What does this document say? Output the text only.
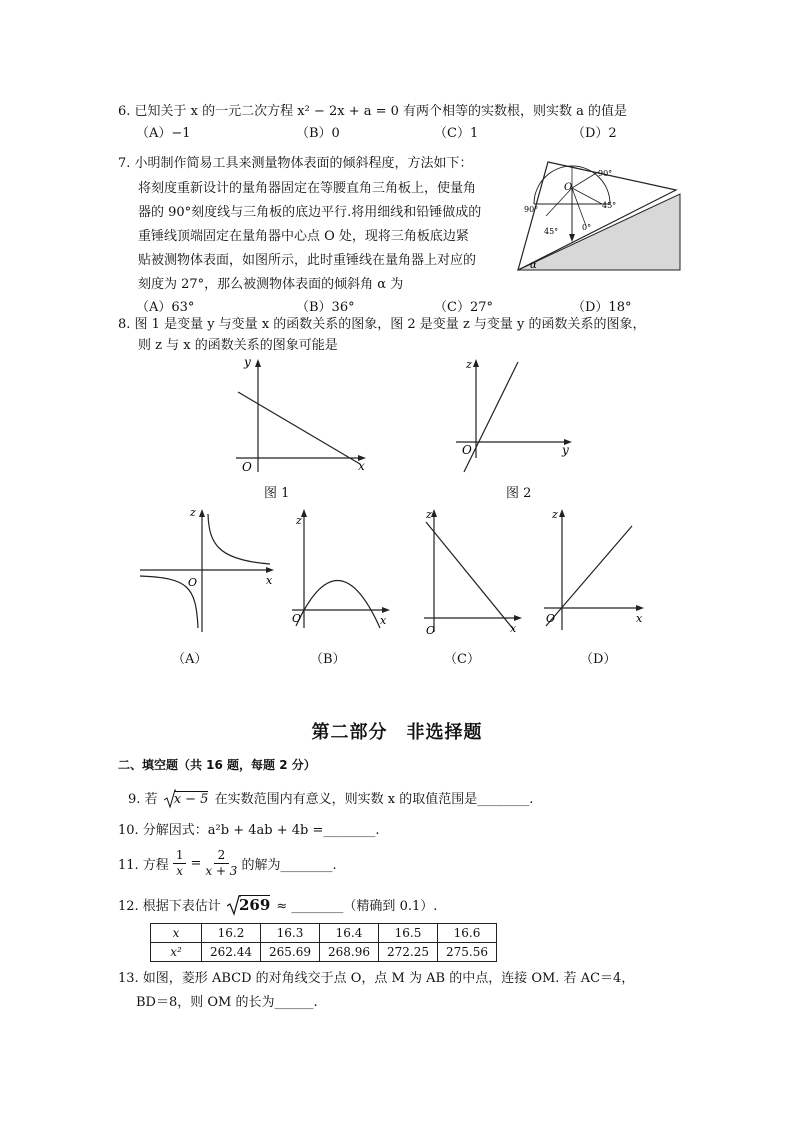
6. 已知关于 x 的一元二次方程 x² − 2x + a = 0 有两个相等的实数根，则实数 a 的值是
（A）−1	（B）0	（C）1	（D）2
7. 小明制作简易工具来测量物体表面的倾斜程度，方法如下：
将刻度重新设计的量角器固定在等腰直角三角板上，使量角
器的 90°刻度线与三角板的底边平行.将用细线和铅锤做成的
重锤线顶端固定在量角器中心点 O 处，现将三角板底边紧
贴被测物体表面，如图所示，此时重锤线在量角器上对应的
刻度为 27°，那么被测物体表面的倾斜角 α 为
（A）63°	（B）36°	（C）27°	（D）18°
O
90°
90°	45°
45°	0°
α
8. 图 1 是变量 y 与变量 x 的函数关系的图象，图 2 是变量 z 与变量 y 的函数关系的图象，
则 z 与 x 的函数关系的图象可能是
y
x
O
图 1
z
y
O
图 2
z
x
O
（A）
z
x
O
（B）
z
x
O
（C）
z
x
O
（D）
第二部分　非选择题
二、填空题（共 16 题，每题 2 分）
9. 若 x − 5 在实数范围内有意义，则实数 x 的取值范围是________.
10. 分解因式：a²b + 4ab + 4b =________.
11. 方程 $\frac{1}{x} = \frac{2}{x + 3}$ 的解为________.
12. 根据下表估计 269 ≈ ________（精确到 0.1）.
x	16.2	16.3	16.4	16.5	16.6
x²	262.44	265.69	268.96	272.25	275.56
13. 如图，菱形 ABCD 的对角线交于点 O，点 M 为 AB 的中点，连接 OM. 若 AC＝4，
BD＝8，则 OM 的长为______.
